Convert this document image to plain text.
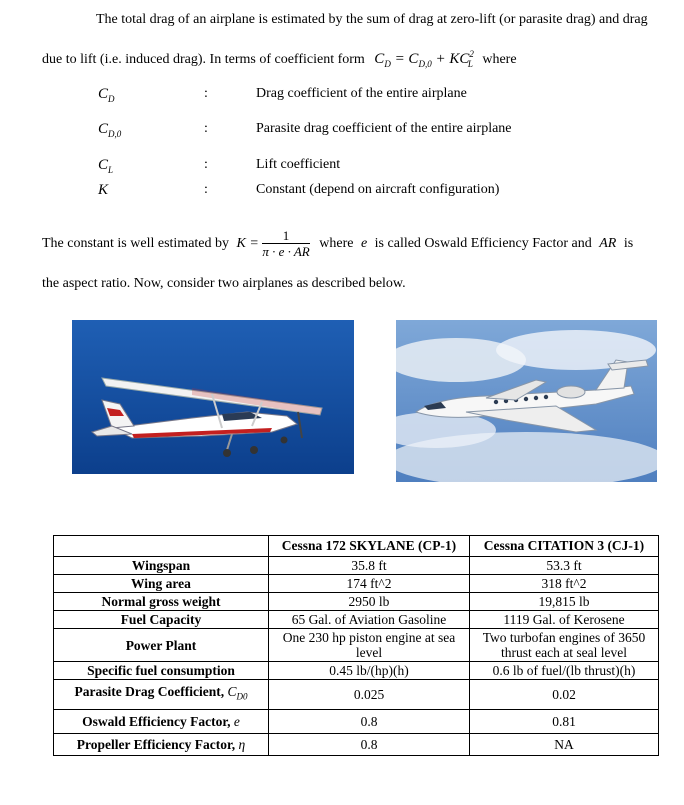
The total drag of an airplane is estimated by the sum of drag at zero-lift (or parasite drag) and drag
due to lift (i.e. induced drag). In terms of coefficient form $C_D = C_{D,0} + KC^2_L$ where
$C_D$	:	Drag coefficient of the entire airplane
$C_{D,0}$	:	Parasite drag coefficient of the entire airplane
$C_L$	:	Lift coefficient
K	:	Constant (depend on aircraft configuration)
The constant is well estimated by $K = \frac{1}{\pi \cdot e \cdot AR}$ where e is called Oswald Efficiency Factor and AR is
the aspect ratio. Now, consider two airplanes as described below.
	Cessna 172 SKYLANE (CP-1)	Cessna CITATION 3 (CJ-1)
Wingspan	35.8 ft	53.3 ft
Wing area	174 ft^2	318 ft^2
Normal gross weight	2950 lb	19,815 lb
Fuel Capacity	65 Gal. of Aviation Gasoline	1119 Gal. of Kerosene
Power Plant	One 230 hp piston engine at sea level	Two turbofan engines of 3650 thrust each at seal level
Specific fuel consumption	0.45 lb/(hp)(h)	0.6 lb of fuel/(lb thrust)(h)
Parasite Drag Coefficient, $C_{D0}$	0.025	0.02
Oswald Efficiency Factor, e	0.8	0.81
Propeller Efficiency Factor, η	0.8	NA
